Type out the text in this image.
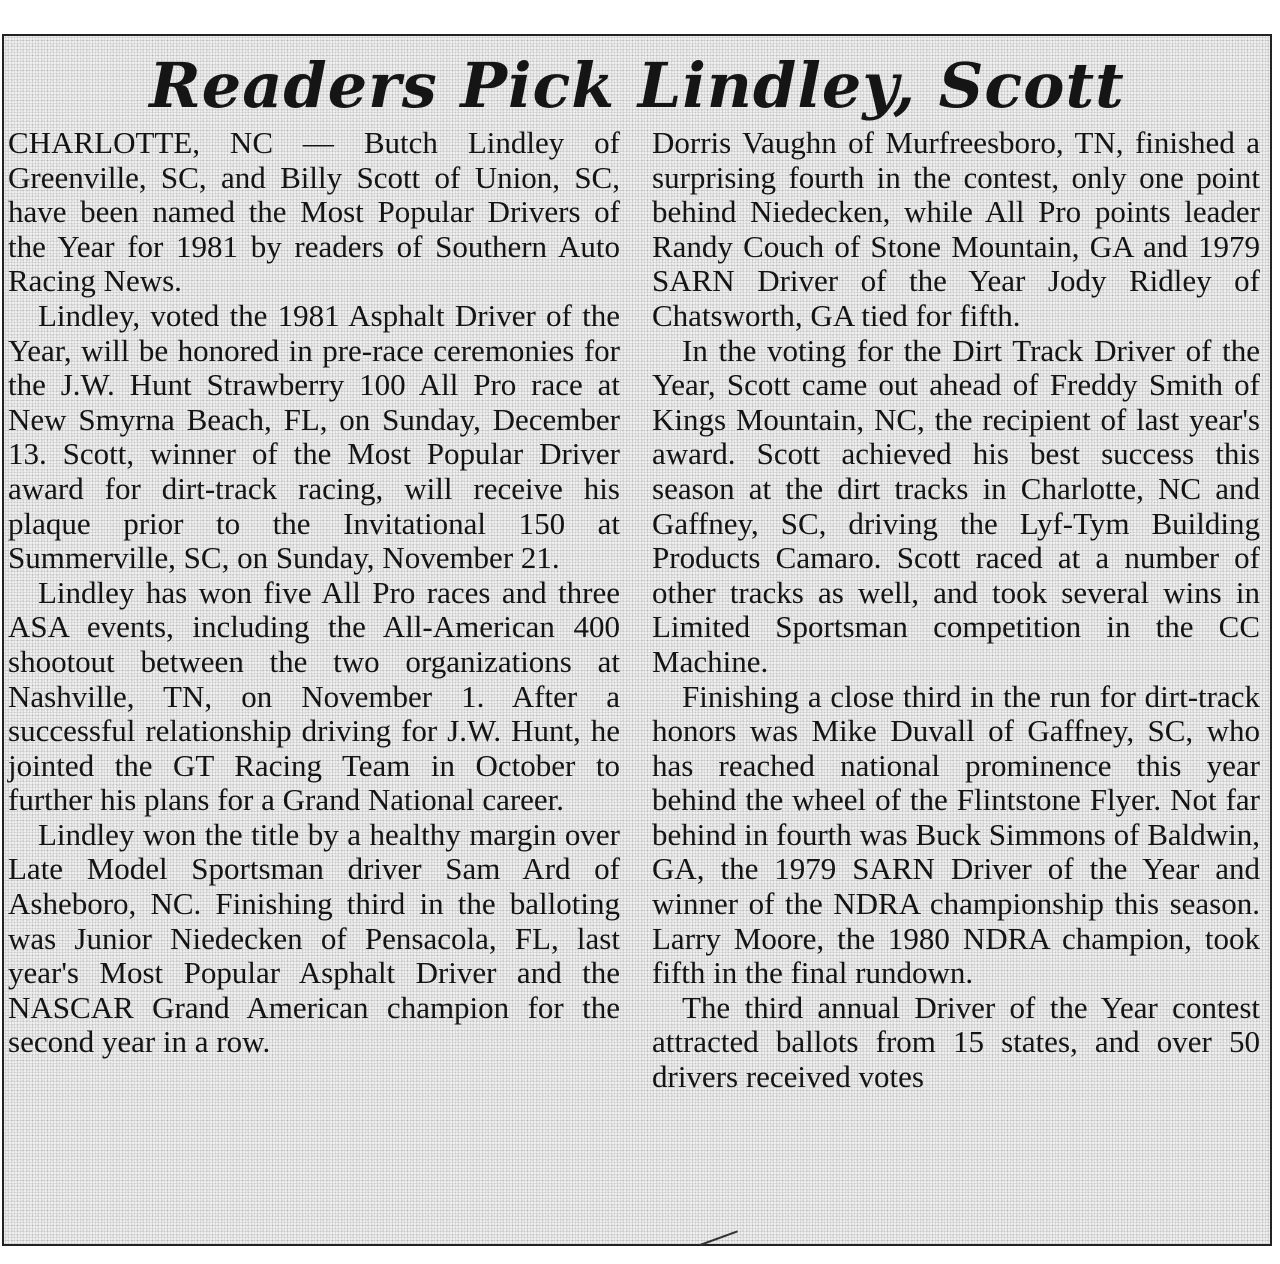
Readers Pick Lindley, Scott

CHARLOTTE, NC — Butch Lindley of Greenville, SC, and Billy Scott of Union, SC, have been named the Most Popular Drivers of the Year for 1981 by readers of Southern Auto Racing News.

Lindley, voted the 1981 Asphalt Driver of the Year, will be honored in pre-race ceremonies for the J.W. Hunt Strawberry 100 All Pro race at New Smyrna Beach, FL, on Sunday, December 13. Scott, winner of the Most Popular Driver award for dirt-track racing, will receive his plaque prior to the Invitational 150 at Summerville, SC, on Sunday, November 21.

Lindley has won five All Pro races and three ASA events, including the All-American 400 shootout between the two organizations at Nashville, TN, on November 1. After a successful relationship driving for J.W. Hunt, he jointed the GT Racing Team in October to further his plans for a Grand National career.

Lindley won the title by a healthy margin over Late Model Sportsman driver Sam Ard of Asheboro, NC. Finishing third in the balloting was Junior Niedecken of Pensacola, FL, last year's Most Popular Asphalt Driver and the NASCAR Grand American champion for the second year in a row.

Dorris Vaughn of Murfreesboro, TN, finished a surprising fourth in the contest, only one point behind Niedecken, while All Pro points leader Randy Couch of Stone Mountain, GA and 1979 SARN Driver of the Year Jody Ridley of Chatsworth, GA tied for fifth.

In the voting for the Dirt Track Driver of the Year, Scott came out ahead of Freddy Smith of Kings Mountain, NC, the recipient of last year's award. Scott achieved his best success this season at the dirt tracks in Charlotte, NC and Gaffney, SC, driving the Lyf-Tym Building Products Camaro. Scott raced at a number of other tracks as well, and took several wins in Limited Sportsman competition in the CC Machine.

Finishing a close third in the run for dirt-track honors was Mike Duvall of Gaffney, SC, who has reached national prominence this year behind the wheel of the Flintstone Flyer. Not far behind in fourth was Buck Simmons of Baldwin, GA, the 1979 SARN Driver of the Year and winner of the NDRA championship this season. Larry Moore, the 1980 NDRA champion, took fifth in the final rundown.

The third annual Driver of the Year contest attracted ballots from 15 states, and over 50 drivers received votes
